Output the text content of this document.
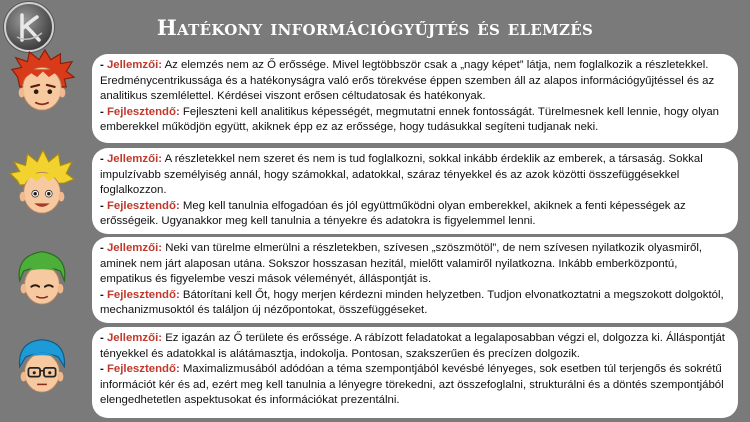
Hatékony információgyűjtés és elemzés

- Jellemzői: Az elemzés nem az Ő erőssége. Mivel legtöbbször csak a „nagy képet” látja, nem foglalkozik a részletekkel. Eredménycentrikussága és a hatékonyságra való erős törekvése éppen szemben áll az alapos információgyűjtéssel és az analitikus szemlélettel. Kérdései viszont erősen céltudatosak és hatékonyak.

- Fejlesztendő: Fejleszteni kell analitikus képességét, megmutatni ennek fontosságát. Türelmesnek kell lennie, hogy olyan emberekkel működjön együtt, akiknek épp ez az erőssége, hogy tudásukkal segíteni tudjanak neki.

- Jellemzői: A részletekkel nem szeret és nem is tud foglalkozni, sokkal inkább érdeklik az emberek, a társaság. Sokkal impulzívabb személyiség annál, hogy számokkal, adatokkal, száraz tényekkel és az azok közötti összefüggésekkel foglalkozzon.

- Fejlesztendő: Meg kell tanulnia elfogadóan és jól együttműködni olyan emberekkel, akiknek a fenti képességek az erősségeik. Ugyanakkor meg kell tanulnia a tényekre és adatokra is figyelemmel lenni.

- Jellemzői: Neki van türelme elmerülni a részletekben, szívesen „szöszmötöl”, de nem szívesen nyilatkozik olyasmiről, aminek nem járt alaposan utána. Sokszor hosszasan hezitál, mielőtt valamiről nyilatkozna. Inkább emberközpontú, empatikus és figyelembe veszi mások véleményét, álláspontját is.

- Fejlesztendő: Bátorítani kell Őt, hogy merjen kérdezni minden helyzetben. Tudjon elvonatkoztatni a megszokott dolgoktól, mechanizmusoktól és találjon új nézőpontokat, összefüggéseket.

- Jellemzői: Ez igazán az Ő területe és erőssége. A rábízott feladatokat a legalaposabban végzi el, dolgozza ki. Álláspontját tényekkel és adatokkal is alátámasztja, indokolja. Pontosan, szakszerűen és precízen dolgozik.

- Fejlesztendő: Maximalizmusából adódóan a téma szempontjából kevésbé lényeges, sok esetben túl terjengős és sokrétű információt kér és ad, ezért meg kell tanulnia a lényegre törekedni, azt összefoglalni, strukturálni és a döntés szempontjából elengedhetetlen aspektusokat és információkat prezentálni.
